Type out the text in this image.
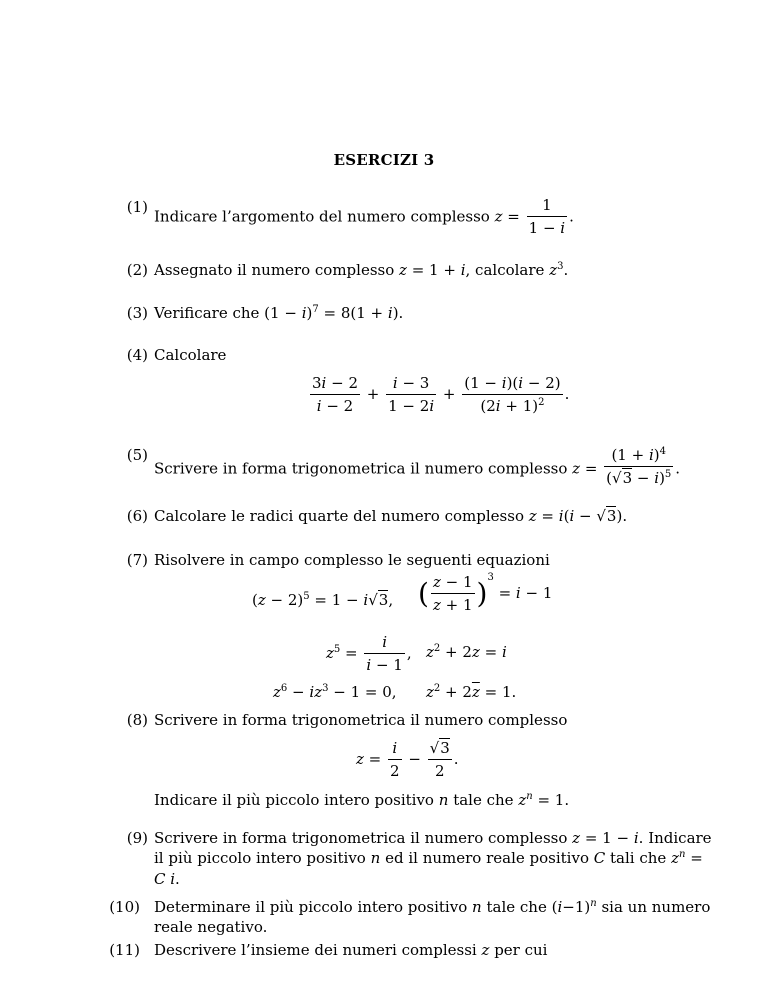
ESERCIZI 3
(1)
Indicare l’argomento del numero complesso $z = \frac{1}{1 - i}$ .
(2) Assegnato il numero complesso z = 1 + i, calcolare $z^3$.
(3) Verificare che $(1 - i)^7 = 8(1 + i)$.
(4) Calcolare
$\frac{3i - 2}{i - 2} + \frac{i - 3}{1 - 2i} + \frac{(1 - i)(i - 2)}{(2i + 1)^2}$ .
(5)
Scrivere in forma trigonometrica il numero complesso $z = \frac{(1 + i)^4}{(√3 - i)^5}$ .
(6) Calcolare le radici quarte del numero complesso z = i(i − √3).
(7) Risolvere in campo complesso le seguenti equazioni
$(z - 2)^5 = 1 - i√3$, ( $\frac{z - 1}{z + 1} )^3 = i - 1$
$z^5 = \frac{i}{i - 1}$ , $z^2 + 2z = i$
$z^6 - iz^3 - 1 = 0$, $z^2 + 2\overline{z} = 1$.
(8) Scrivere in forma trigonometrica il numero complesso
$z = \frac{i}{2} - \frac{√3}{2}$ .
Indicare il più piccolo intero positivo n tale che $z^n = 1$.
(9) Scrivere in forma trigonometrica il numero complesso z = 1 − i. Indicare il più piccolo intero positivo n ed il numero reale positivo C tali che $z^n = C$ i.
(10) Determinare il più piccolo intero positivo n tale che $(i-1)^n$ sia un numero reale negativo.
(11) Descrivere l’insieme dei numeri complessi z per cui
